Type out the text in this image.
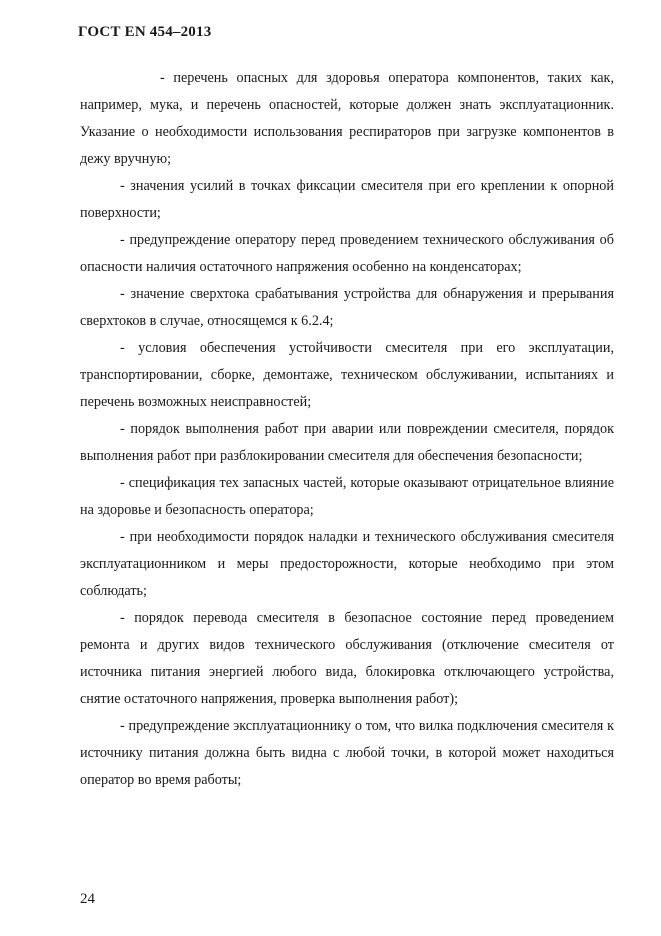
ГОСТ EN 454–2013

- перечень опасных для здоровья оператора компонентов, таких как, например, мука, и перечень опасностей, которые должен знать эксплуатационник. Указание о необходимости использования респираторов при загрузке компонентов в дежу вручную;

- значения усилий в точках фиксации смесителя при его креплении к опорной поверхности;

- предупреждение оператору перед проведением технического обслуживания об опасности наличия остаточного напряжения особенно на конденсаторах;

- значение сверхтока срабатывания устройства для обнаружения и прерывания сверхтоков в случае, относящемся к 6.2.4;

- условия обеспечения устойчивости смесителя при его эксплуатации, транспортировании, сборке, демонтаже, техническом обслуживании, испытаниях и перечень возможных неисправностей;

- порядок выполнения работ при аварии или повреждении смесителя, порядок выполнения работ при разблокировании смесителя для обеспечения безопасности;

- спецификация тех запасных частей, которые оказывают отрицательное влияние на здоровье и безопасность оператора;

- при необходимости порядок наладки и технического обслуживания смесителя эксплуатационником и меры предосторожности, которые необходимо при этом соблюдать;

- порядок перевода смесителя в безопасное состояние перед проведением ремонта и других видов технического обслуживания (отключение смесителя от источника питания энергией любого вида, блокировка отключающего устройства, снятие остаточного напряжения, проверка выполнения работ);

- предупреждение эксплуатационнику о том, что вилка подключения смесителя к источнику питания должна быть видна с любой точки, в которой может находиться оператор во время работы;

24
